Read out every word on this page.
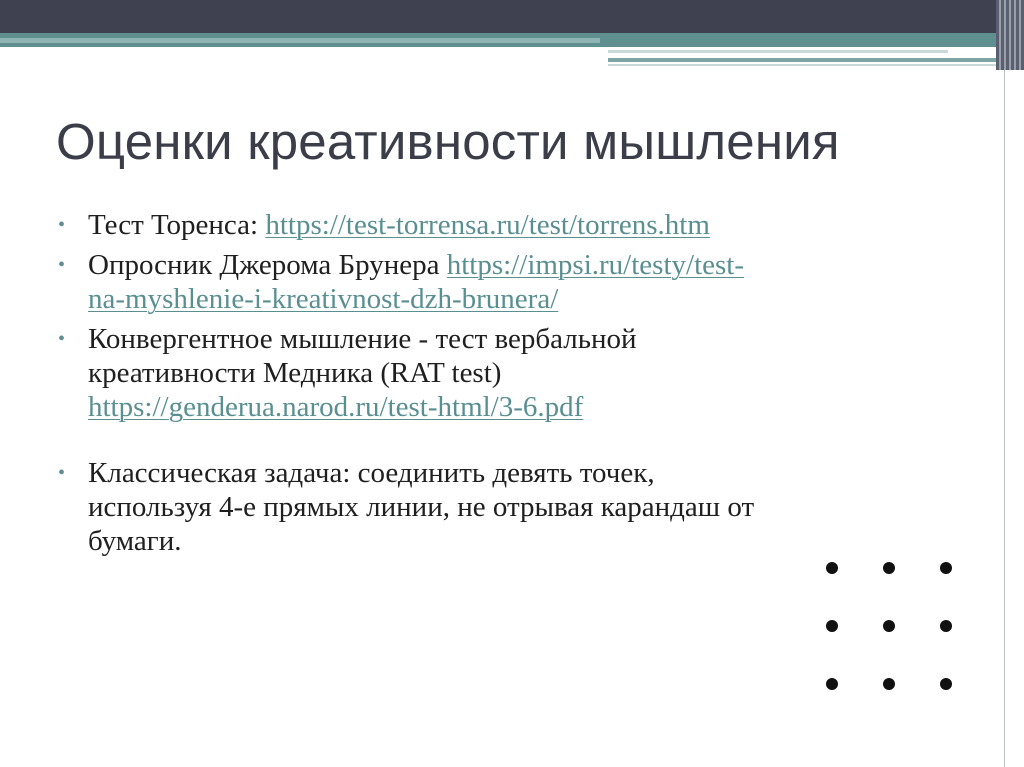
Оценки креативности мышления
• Тест Торенса: https://test-torrensa.ru/test/torrens.htm
• Опросник Джерома Брунера https://impsi.ru/testy/test-na-myshlenie-i-kreativnost-dzh-brunera/
• Конвергентное мышление - тест вербальной креативности Медника (RAT test) https://genderua.narod.ru/test-html/3-6.pdf
• Классическая задача: соединить девять точек, используя 4-е прямых линии, не отрывая карандаш от бумаги.
